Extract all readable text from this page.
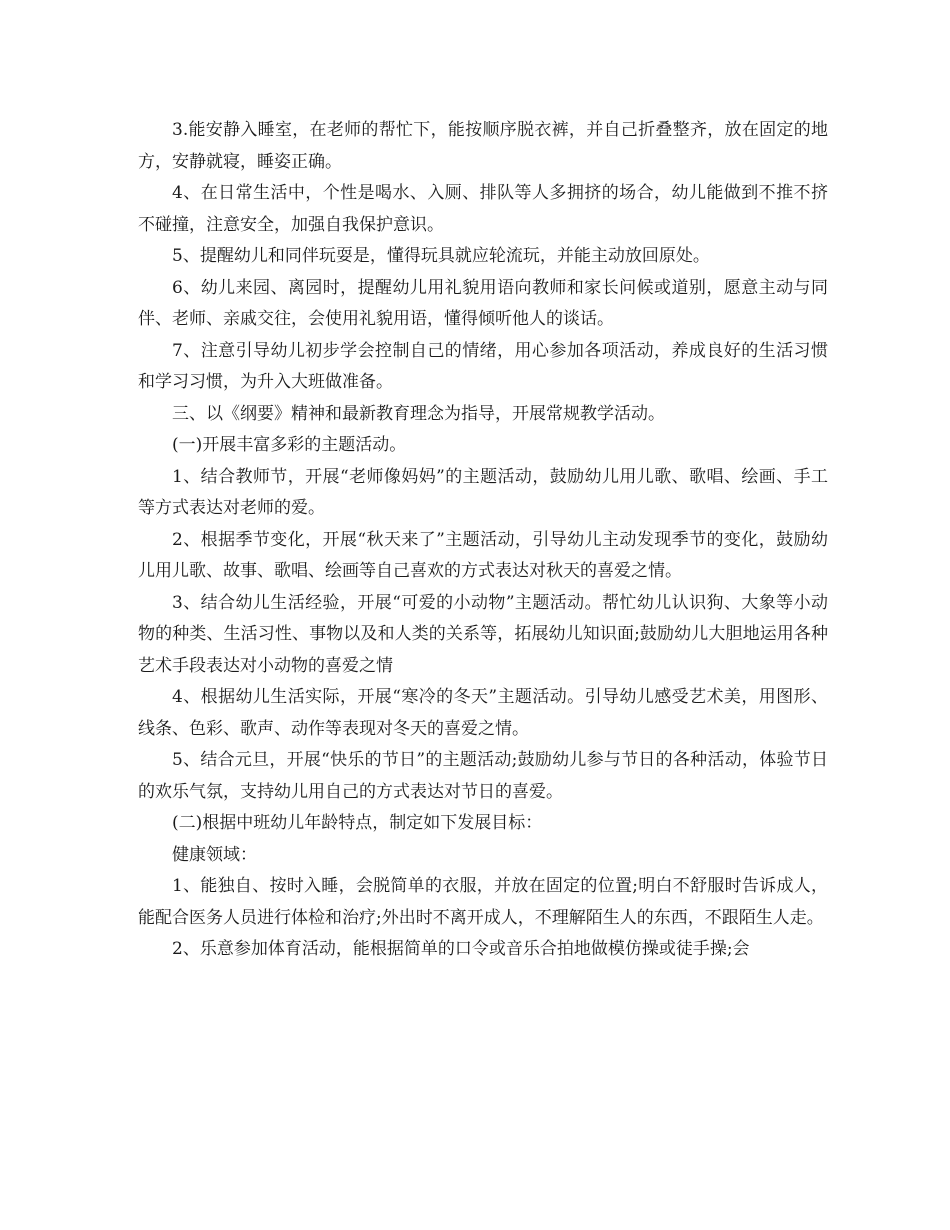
3.能安静入睡室，在老师的帮忙下，能按顺序脱衣裤，并自己折叠整齐，放在固定的地方，安静就寝，睡姿正确。

4、在日常生活中，个性是喝水、入厕、排队等人多拥挤的场合，幼儿能做到不推不挤不碰撞，注意安全，加强自我保护意识。

5、提醒幼儿和同伴玩耍是，懂得玩具就应轮流玩，并能主动放回原处。

6、幼儿来园、离园时，提醒幼儿用礼貌用语向教师和家长问候或道别，愿意主动与同伴、老师、亲戚交往，会使用礼貌用语，懂得倾听他人的谈话。

7、注意引导幼儿初步学会控制自己的情绪，用心参加各项活动，养成良好的生活习惯和学习习惯，为升入大班做准备。

三、以《纲要》精神和最新教育理念为指导，开展常规教学活动。

(一)开展丰富多彩的主题活动。

1、结合教师节，开展“老师像妈妈”的主题活动，鼓励幼儿用儿歌、歌唱、绘画、手工等方式表达对老师的爱。

2、根据季节变化，开展“秋天来了”主题活动，引导幼儿主动发现季节的变化，鼓励幼儿用儿歌、故事、歌唱、绘画等自己喜欢的方式表达对秋天的喜爱之情。

3、结合幼儿生活经验，开展“可爱的小动物”主题活动。帮忙幼儿认识狗、大象等小动物的种类、生活习性、事物以及和人类的关系等，拓展幼儿知识面;鼓励幼儿大胆地运用各种艺术手段表达对小动物的喜爱之情

4、根据幼儿生活实际，开展“寒冷的冬天”主题活动。引导幼儿感受艺术美，用图形、线条、色彩、歌声、动作等表现对冬天的喜爱之情。

5、结合元旦，开展“快乐的节日”的主题活动;鼓励幼儿参与节日的各种活动，体验节日的欢乐气氛，支持幼儿用自己的方式表达对节日的喜爱。

(二)根据中班幼儿年龄特点，制定如下发展目标：

健康领域：

1、能独自、按时入睡，会脱简单的衣服，并放在固定的位置;明白不舒服时告诉成人，能配合医务人员进行体检和治疗;外出时不离开成人，不理解陌生人的东西，不跟陌生人走。

2、乐意参加体育活动，能根据简单的口令或音乐合拍地做模仿操或徒手操;会
